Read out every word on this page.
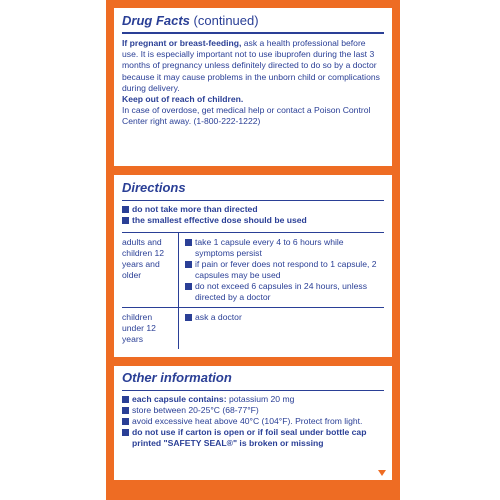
Drug Facts (continued)
If pregnant or breast-feeding, ask a health professional before use. It is especially important not to use ibuprofen during the last 3 months of pregnancy unless definitely directed to do so by a doctor because it may cause problems in the unborn child or complications during delivery.
Keep out of reach of children.
In case of overdose, get medical help or contact a Poison Control Center right away. (1-800-222-1222)
Directions
do not take more than directed
the smallest effective dose should be used
adults and children 12 years and older
take 1 capsule every 4 to 6 hours while symptoms persist
if pain or fever does not respond to 1 capsule, 2 capsules may be used
do not exceed 6 capsules in 24 hours, unless directed by a doctor
children under 12 years
ask a doctor
Other information
each capsule contains: potassium 20 mg
store between 20-25°C (68-77°F)
avoid excessive heat above 40°C (104°F). Protect from light.
do not use if carton is open or if foil seal under bottle cap printed "SAFETY SEAL®" is broken or missing
